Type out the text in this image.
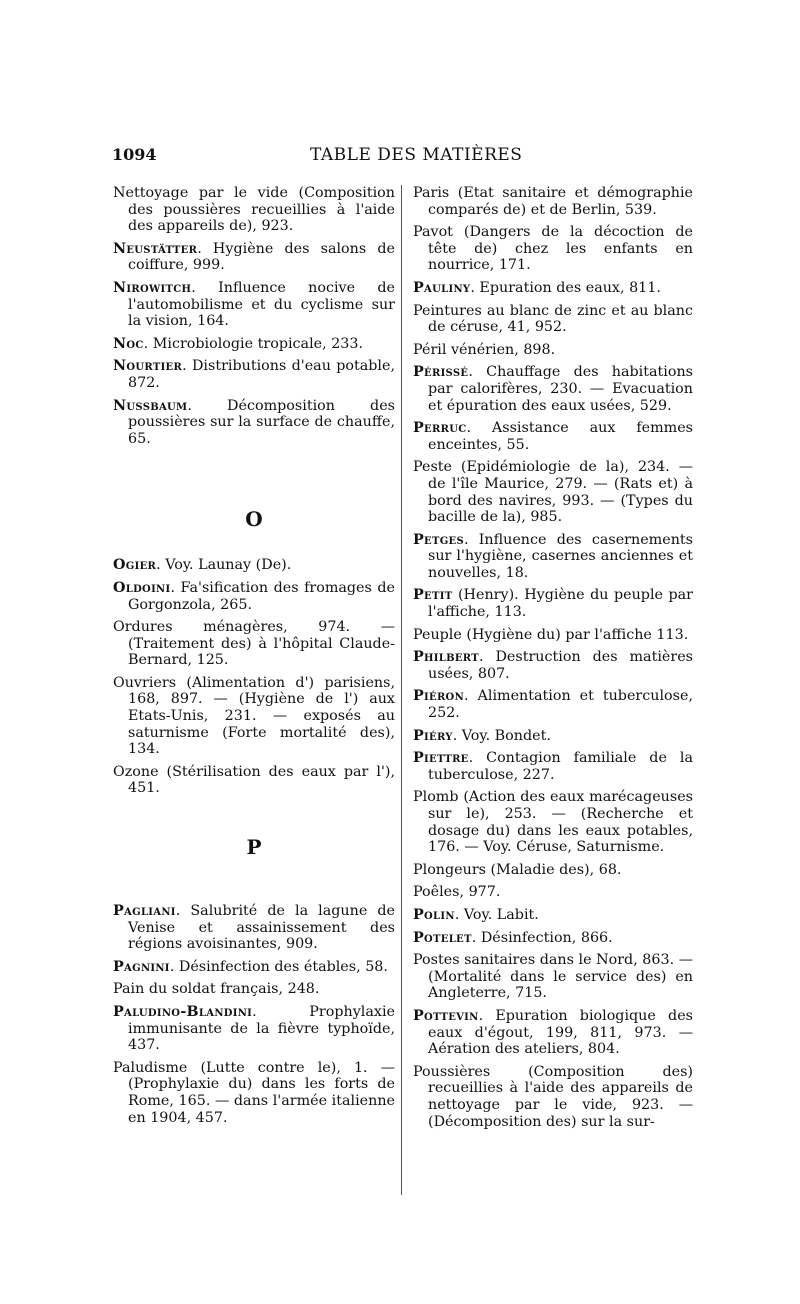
1094	TABLE DES MATIÈRES

Nettoyage par le vide (Composition des poussières recueillies à l'aide des appareils de), 923.

Neustätter. Hygiène des salons de coiffure, 999.

Nirowitch. Influence nocive de l'automobilisme et du cyclisme sur la vision, 164.

Noc. Microbiologie tropicale, 233.

Nourtier. Distributions d'eau potable, 872.

Nussbaum. Décomposition des poussières sur la surface de chauffe, 65.

O

Ogier. Voy. Launay (De).

Oldoini. Fa'sification des fromages de Gorgonzola, 265.

Ordures ménagères, 974. — (Traitement des) à l'hôpital Claude-Bernard, 125.

Ouvriers (Alimentation d') parisiens, 168, 897. — (Hygiène de l') aux Etats-Unis, 231. — exposés au saturnisme (Forte mortalité des), 134.

Ozone (Stérilisation des eaux par l'), 451.

P

Pagliani. Salubrité de la lagune de Venise et assainissement des régions avoisinantes, 909.

Pagnini. Désinfection des étables, 58.

Pain du soldat français, 248.

Paludino-Blandini. Prophylaxie immunisante de la fièvre typhoïde, 437.

Paludisme (Lutte contre le), 1. — (Prophylaxie du) dans les forts de Rome, 165. — dans l'armée italienne en 1904, 457.

Paris (Etat sanitaire et démographie comparés de) et de Berlin, 539.

Pavot (Dangers de la décoction de tête de) chez les enfants en nourrice, 171.

Pauliny. Epuration des eaux, 811.

Peintures au blanc de zinc et au blanc de céruse, 41, 952.

Péril vénérien, 898.

Périssé. Chauffage des habitations par calorifères, 230. — Evacuation et épuration des eaux usées, 529.

Perruc. Assistance aux femmes enceintes, 55.

Peste (Epidémiologie de la), 234. — de l'île Maurice, 279. — (Rats et) à bord des navires, 993. — (Types du bacille de la), 985.

Petges. Influence des casernements sur l'hygiène, casernes anciennes et nouvelles, 18.

Petit (Henry). Hygiène du peuple par l'affiche, 113.

Peuple (Hygiène du) par l'affiche 113.

Philbert. Destruction des matières usées, 807.

Piéron. Alimentation et tuberculose, 252.

Piéry. Voy. Bondet.

Piettre. Contagion familiale de la tuberculose, 227.

Plomb (Action des eaux marécageuses sur le), 253. — (Recherche et dosage du) dans les eaux potables, 176. — Voy. Céruse, Saturnisme.

Plongeurs (Maladie des), 68.

Poêles, 977.

Polin. Voy. Labit.

Potelet. Désinfection, 866.

Postes sanitaires dans le Nord, 863. — (Mortalité dans le service des) en Angleterre, 715.

Pottevin. Epuration biologique des eaux d'égout, 199, 811, 973. — Aération des ateliers, 804.

Poussières (Composition des) recueillies à l'aide des appareils de nettoyage par le vide, 923. — (Décomposition des) sur la sur-
